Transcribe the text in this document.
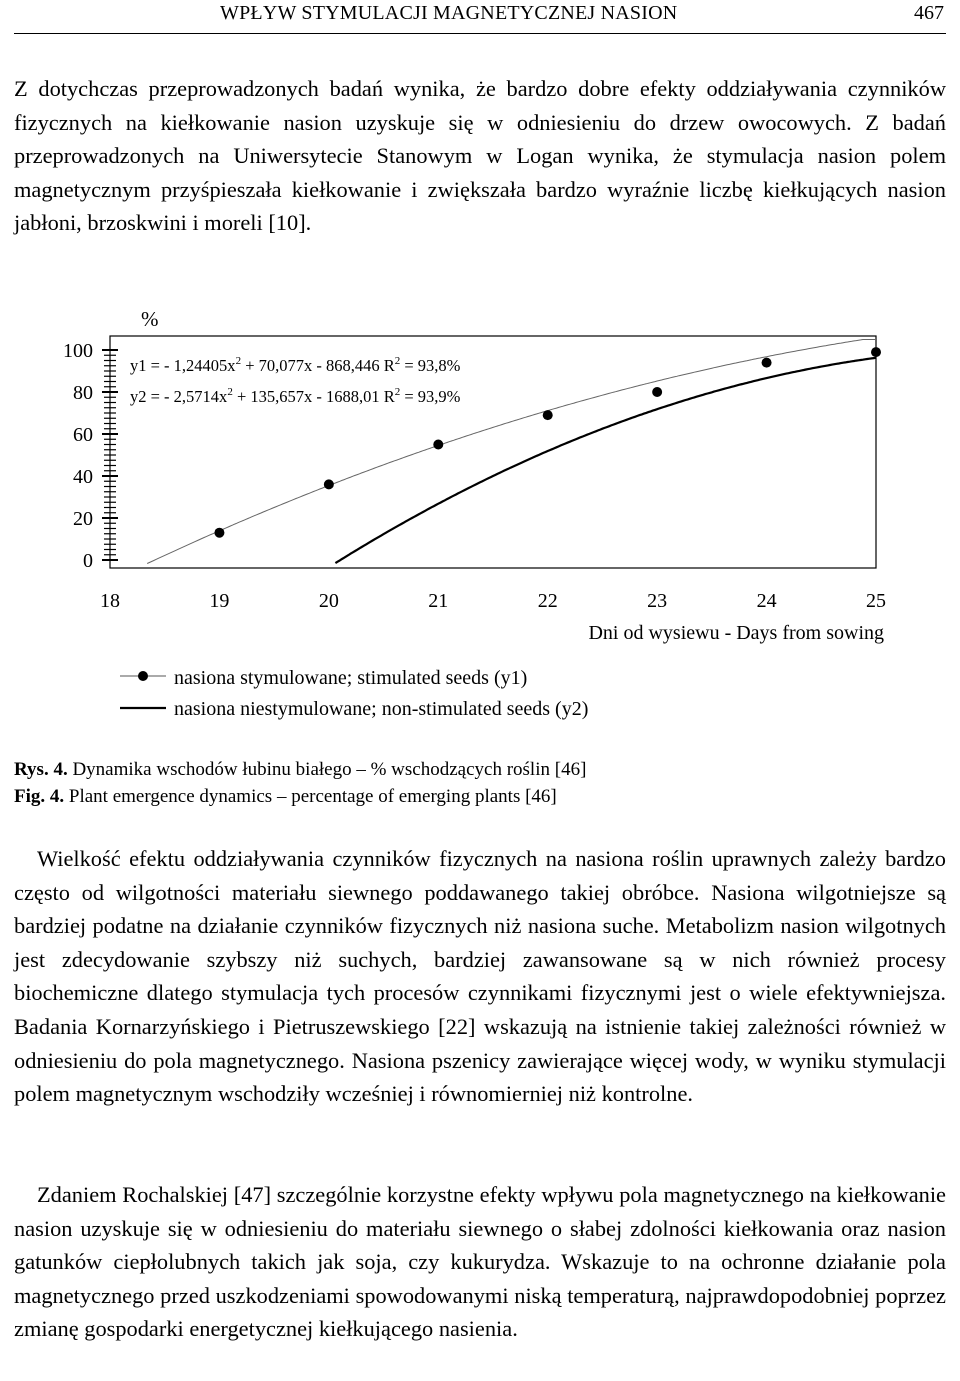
WPŁYW STYMULACJI MAGNETYCZNEJ NASION	467

Z dotychczas przeprowadzonych badań wynika, że bardzo dobre efekty oddziaływania czynników fizycznych na kiełkowanie nasion uzyskuje się w odniesieniu do drzew owocowych. Z badań przeprowadzonych na Uniwersytecie Stanowym w Logan wynika, że stymulacja nasion polem magnetycznym przyśpieszała kiełkowanie i zwiększała bardzo wyraźnie liczbę kiełkujących nasion jabłoni, brzoskwini i moreli [10].

%
0
20
40
60
80
100
18	19	20	21	22	23	24	25
y1 = - $1,24405x^2 + 70,077x - 868,446$ $R^2 = 93,8\%$
y2 = - $2,5714x^2 + 135,657x - 1688,01$ $R^2 = 93,9\%$
Dni od wysiewu - Days from sowing
nasiona stymulowane; stimulated seeds (y1)
nasiona niestymulowane; non-stimulated seeds (y2)

Rys. 4. Dynamika wschodów łubinu białego – % wschodzących roślin [46]

Fig. 4. Plant emergence dynamics – percentage of emerging plants [46]

Wielkość efektu oddziaływania czynników fizycznych na nasiona roślin uprawnych zależy bardzo często od wilgotności materiału siewnego poddawanego takiej obróbce. Nasiona wilgotniejsze są bardziej podatne na działanie czynników fizycznych niż nasiona suche. Metabolizm nasion wilgotnych jest zdecydowanie szybszy niż suchych, bardziej zawansowane są w nich również procesy biochemiczne dlatego stymulacja tych procesów czynnikami fizycznymi jest o wiele efektywniejsza. Badania Kornarzyńskiego i Pietruszewskiego [22] wskazują na istnienie takiej zależności również w odniesieniu do pola magnetycznego. Nasiona pszenicy zawierające więcej wody, w wyniku stymulacji polem magnetycznym wschodziły wcześniej i równomierniej niż kontrolne.

Zdaniem Rochalskiej [47] szczególnie korzystne efekty wpływu pola magnetycznego na kiełkowanie nasion uzyskuje się w odniesieniu do materiału siewnego o słabej zdolności kiełkowania oraz nasion gatunków ciepłolubnych takich jak soja, czy kukurydza. Wskazuje to na ochronne działanie pola magnetycznego przed uszkodzeniami spowodowanymi niską temperaturą, najprawdopodobniej poprzez zmianę gospodarki energetycznej kiełkującego nasienia.
